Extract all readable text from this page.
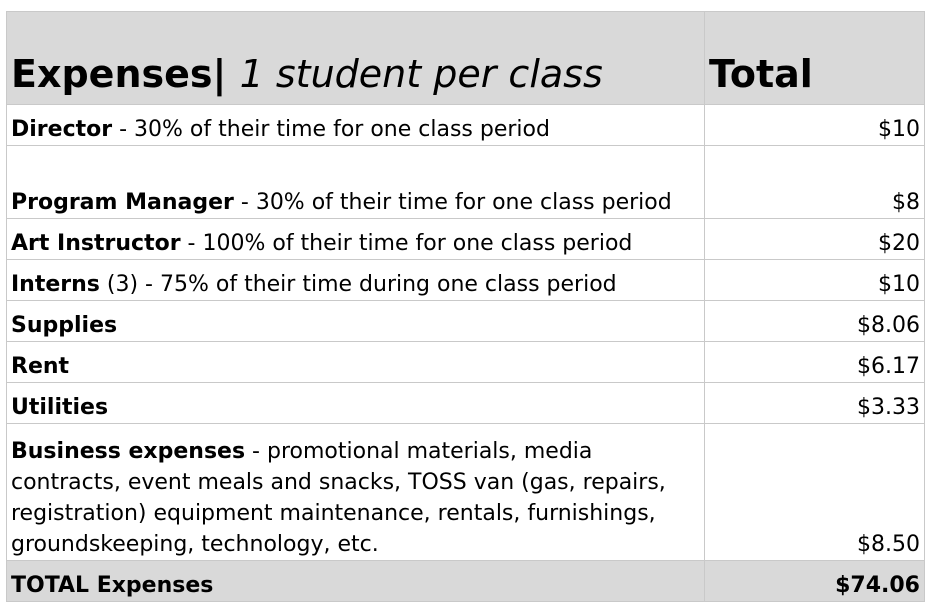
Expenses| 1 student per class	Total
Director - 30% of their time for one class period	$10
Program Manager - 30% of their time for one class period	$8
Art Instructor - 100% of their time for one class period	$20
Interns (3) - 75% of their time during one class period	$10
Supplies	$8.06
Rent	$6.17
Utilities	$3.33
Business expenses - promotional materials, media contracts, event meals and snacks, TOSS van (gas, repairs, registration) equipment maintenance, rentals, furnishings, groundskeeping, technology, etc.	$8.50
TOTAL Expenses	$74.06
